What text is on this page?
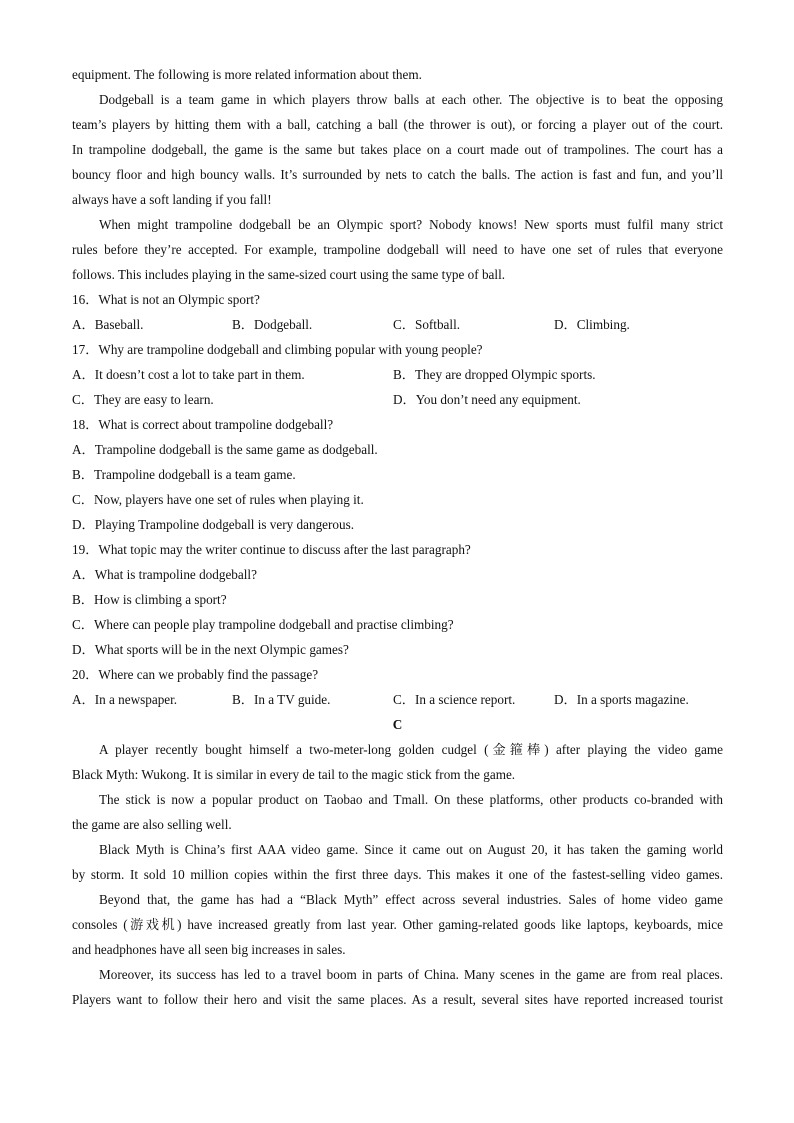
equipment. The following is more related information about them.
Dodgeball is a team game in which players throw balls at each other. The objective is to beat the opposing
team’s players by hitting them with a ball, catching a ball (the thrower is out), or forcing a player out of the court.
In trampoline dodgeball, the game is the same but takes place on a court made out of trampolines. The court has a
bouncy floor and high bouncy walls. It’s surrounded by nets to catch the balls. The action is fast and fun, and you’ll
always have a soft landing if you fall!
When might trampoline dodgeball be an Olympic sport? Nobody knows! New sports must fulfil many strict
rules before they’re accepted. For example, trampoline dodgeball will need to have one set of rules that everyone
follows. This includes playing in the same-sized court using the same type of ball.
16．What is not an Olympic sport?
A．Baseball.	B．Dodgeball.	C．Softball.	D．Climbing.
17．Why are trampoline dodgeball and climbing popular with young people?
A．It doesn’t cost a lot to take part in them.	B．They are dropped Olympic sports.
C．They are easy to learn.	D．You don’t need any equipment.
18．What is correct about trampoline dodgeball?
A．Trampoline dodgeball is the same game as dodgeball.
B．Trampoline dodgeball is a team game.
C．Now, players have one set of rules when playing it.
D．Playing Trampoline dodgeball is very dangerous.
19．What topic may the writer continue to discuss after the last paragraph?
A．What is trampoline dodgeball?
B．How is climbing a sport?
C．Where can people play trampoline dodgeball and practise climbing?
D．What sports will be in the next Olympic games?
20．Where can we probably find the passage?
A．In a newspaper.	B．In a TV guide.	C．In a science report.	D．In a sports magazine.
C
A player recently bought himself a two-meter-long golden cudgel (金箍棒) after playing the video game
Black Myth: Wukong. It is similar in every de tail to the magic stick from the game.
The stick is now a popular product on Taobao and Tmall. On these platforms, other products co-branded with
the game are also selling well.
Black Myth is China’s first AAA video game. Since it came out on August 20, it has taken the gaming world
by storm. It sold 10 million copies within the first three days. This makes it one of the fastest-selling video games.
Beyond that, the game has had a “Black Myth” effect across several industries. Sales of home video game
consoles (游戏机) have increased greatly from last year. Other gaming-related goods like laptops, keyboards, mice
and headphones have all seen big increases in sales.
Moreover, its success has led to a travel boom in parts of China. Many scenes in the game are from real places.
Players want to follow their hero and visit the same places. As a result, several sites have reported increased tourist
